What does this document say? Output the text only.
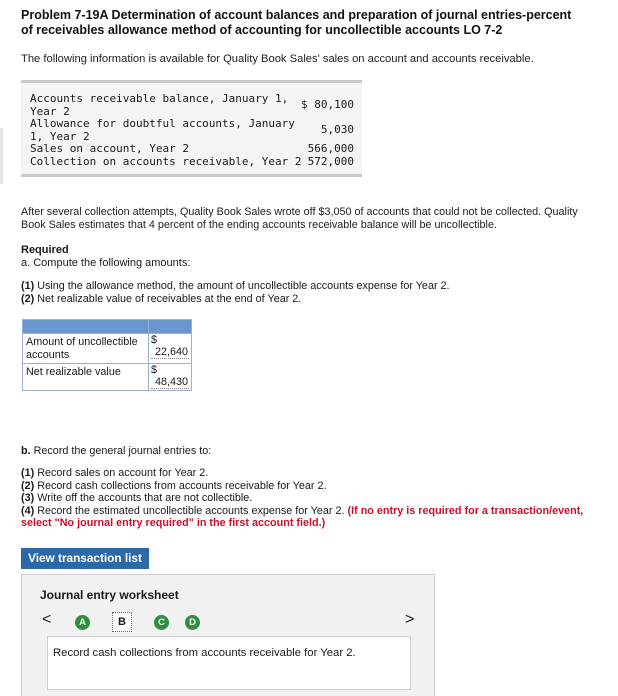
Problem 7-19A Determination of account balances and preparation of journal entries-percent of receivables allowance method of accounting for uncollectible accounts LO 7-2
The following information is available for Quality Book Sales' sales on account and accounts receivable.
Accounts receivable balance, January 1, Year 2	$ 80,100
Allowance for doubtful accounts, January 1, Year 2	5,030
Sales on account, Year 2	566,000
Collection on accounts receivable, Year 2 572,000
After several collection attempts, Quality Book Sales wrote off $3,050 of accounts that could not be collected. Quality Book Sales estimates that 4 percent of the ending accounts receivable balance will be uncollectible.
Required
a. Compute the following amounts:
(1) Using the allowance method, the amount of uncollectible accounts expense for Year 2.
(2) Net realizable value of receivables at the end of Year 2.

Amount of uncollectible accounts	$
22,640

Net realizable value	$
48,430
b. Record the general journal entries to:
(1) Record sales on account for Year 2.
(2) Record cash collections from accounts receivable for Year 2.
(3) Write off the accounts that are not collectible.
(4) Record the estimated uncollectible accounts expense for Year 2. (If no entry is required for a transaction/event, select "No journal entry required" in the first account field.)
View transaction list
Journal entry worksheet
<	A	B	C	D	>
Record cash collections from accounts receivable for Year 2.
